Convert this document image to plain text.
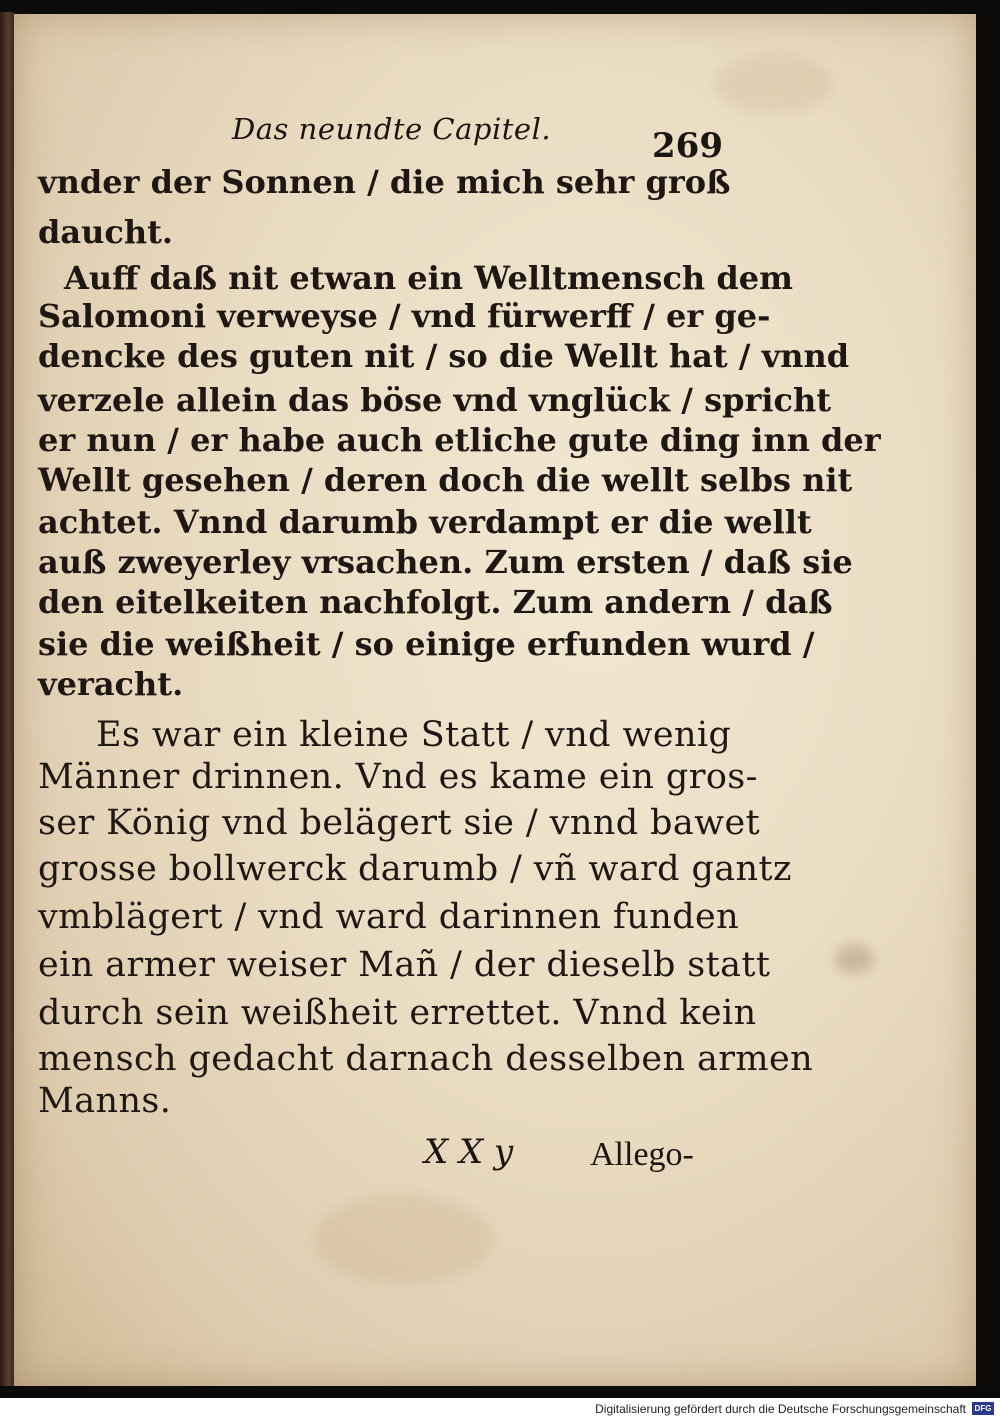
Das neundte Capitel.	269
vnder der Sonnen / die mich sehr groß
daucht.
Auff daß nit etwan ein Welltmensch dem
Salomoni verweyse / vnd fürwerff / er ge-
dencke des guten nit / so die Wellt hat / vnnd
verzele allein das böse vnd vnglück / spricht
er nun / er habe auch etliche gute ding inn der
Wellt gesehen / deren doch die wellt selbs nit
achtet. Vnnd darumb verdampt er die wellt
auß zweyerley vrsachen. Zum ersten / daß sie
den eitelkeiten nachfolgt. Zum andern / daß
sie die weißheit / so einige erfunden wurd /
veracht.
Es war ein kleine Statt / vnd wenig
Männer drinnen. Vnd es kame ein gros-
ser König vnd belägert sie / vnnd bawet
grosse bollwerck darumb / vñ ward gantz
vmblägert / vnd ward darinnen funden
ein armer weiser Mañ / der dieselb statt
durch sein weißheit errettet. Vnnd kein
mensch gedacht darnach desselben armen
Manns.
X X y Allego-
Digitalisierung gefördert durch die Deutsche Forschungsgemeinschaft	DFG
